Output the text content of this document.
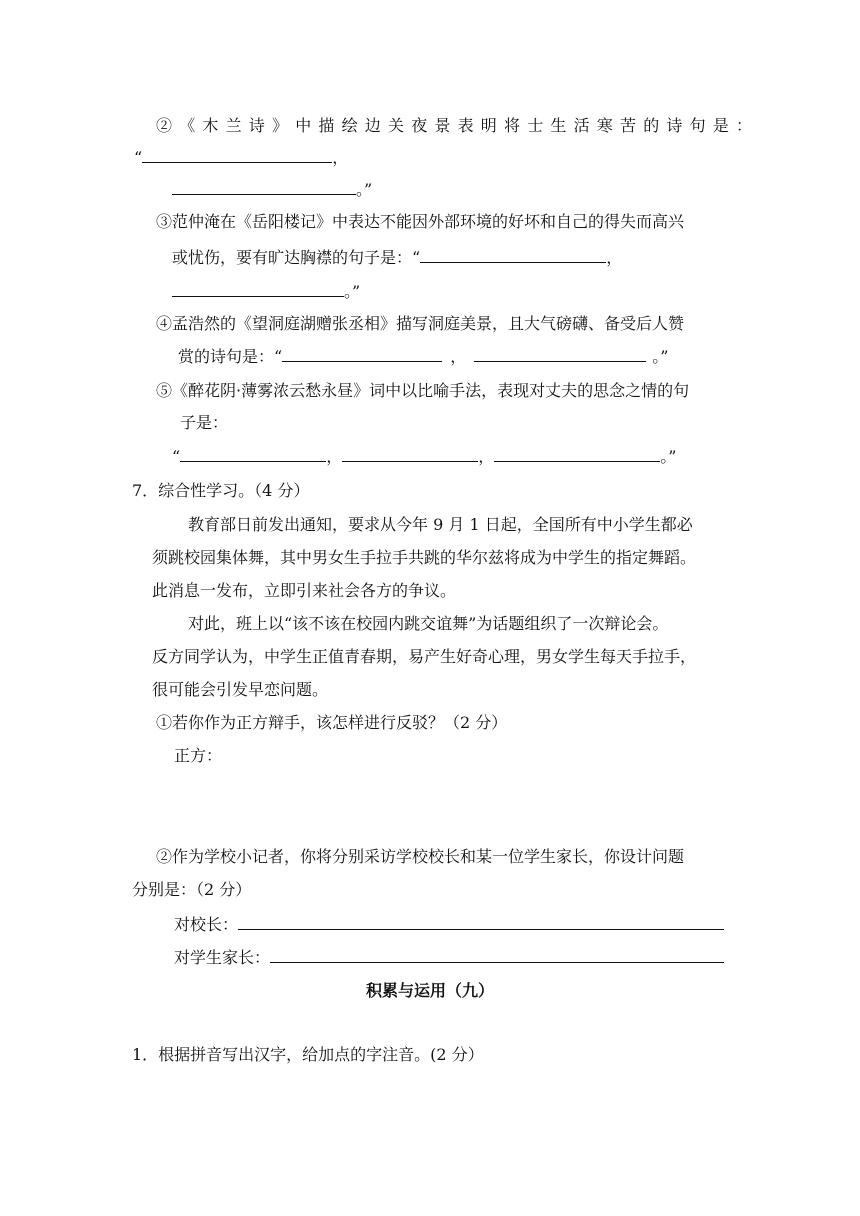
②《木兰诗》中描绘边关夜景表明将士生活寒苦的诗句是：
“	，
。”
③范仲淹在《岳阳楼记》中表达不能因外部环境的好坏和自己的得失而高兴
或忧伤，要有旷达胸襟的句子是：“	，
。”
④孟浩然的《望洞庭湖赠张丞相》描写洞庭美景，且大气磅礴、备受后人赞
赏的诗句是：“	，	。”
⑤《醉花阴·薄雾浓云愁永昼》词中以比喻手法，表现对丈夫的思念之情的句
子是：
“	，	，	。”
7．综合性学习。（4 分）
教育部日前发出通知，要求从今年 9 月 1 日起，全国所有中小学生都必
须跳校园集体舞，其中男女生手拉手共跳的华尔兹将成为中学生的指定舞蹈。
此消息一发布，立即引来社会各方的争议。
对此，班上以“该不该在校园内跳交谊舞”为话题组织了一次辩论会。
反方同学认为，中学生正值青春期，易产生好奇心理，男女学生每天手拉手，
很可能会引发早恋问题。
①若你作为正方辩手，该怎样进行反驳？（2 分）
正方：
②作为学校小记者，你将分别采访学校校长和某一位学生家长，你设计问题
分别是：（2 分）
对校长：
对学生家长：
积累与运用（九）
1．根据拼音写出汉字，给加点的字注音。(2 分）
